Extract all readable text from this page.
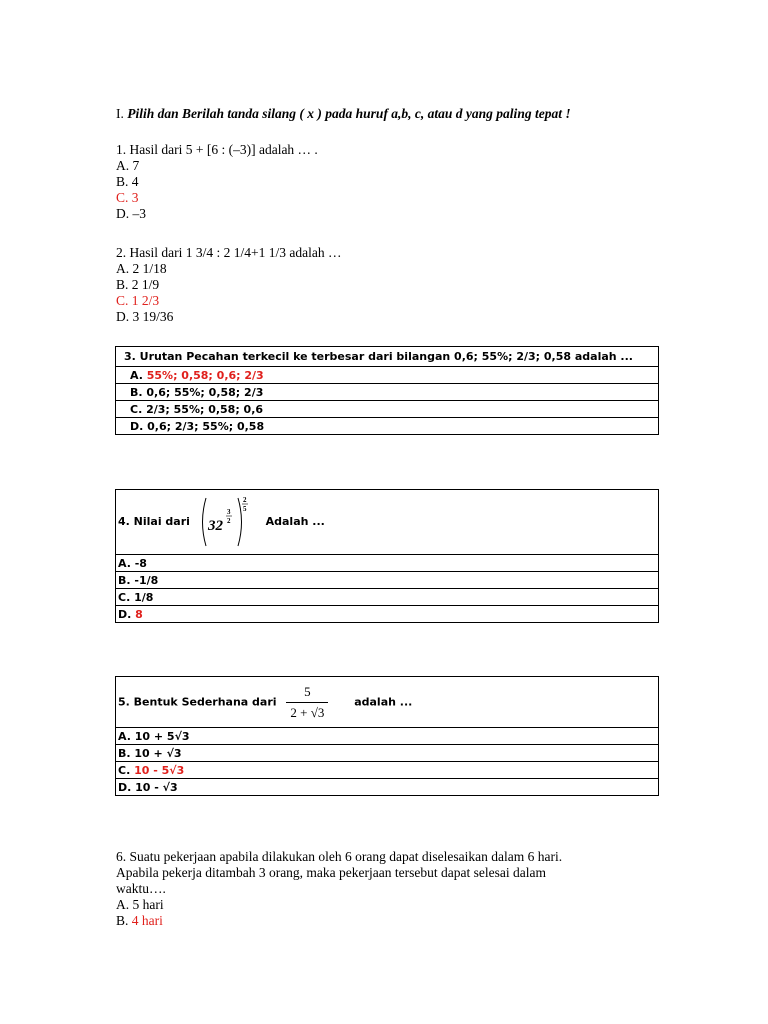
I. Pilih dan Berilah tanda silang ( x ) pada huruf a,b, c, atau d yang paling tepat !
1. Hasil dari 5 + [6 : (–3)] adalah … .
A. 7
B. 4
C. 3
D. –3
2. Hasil dari 1 3/4 : 2 1/4+1 1/3 adalah …
A. 2 1/18
B. 2 1/9
C. 1 2/3
D. 3 19/36
3. Urutan Pecahan terkecil ke terbesar dari bilangan 0,6; 55%; 2/3; 0,58 adalah ...
A. 55%; 0,58; 0,6; 2/3
B. 0,6; 55%; 0,58; 2/3
C. 2/3; 55%; 0,58; 0,6
D. 0,6; 2/3; 55%; 0,58
4. Nilai dari 32
3
2
2
5
Adalah ...
A. -8
B. -1/8
C. 1/8
D. 8
5. Bentuk Sederhana dari $\frac{5}{2 + √3}$ adalah ...
A. 10 + 5√3
B. 10 + √3
C. 10 - 5√3
D. 10 - √3
6. Suatu pekerjaan apabila dilakukan oleh 6 orang dapat diselesaikan dalam 6 hari.
Apabila pekerja ditambah 3 orang, maka pekerjaan tersebut dapat selesai dalam
waktu….
A. 5 hari
B. 4 hari
